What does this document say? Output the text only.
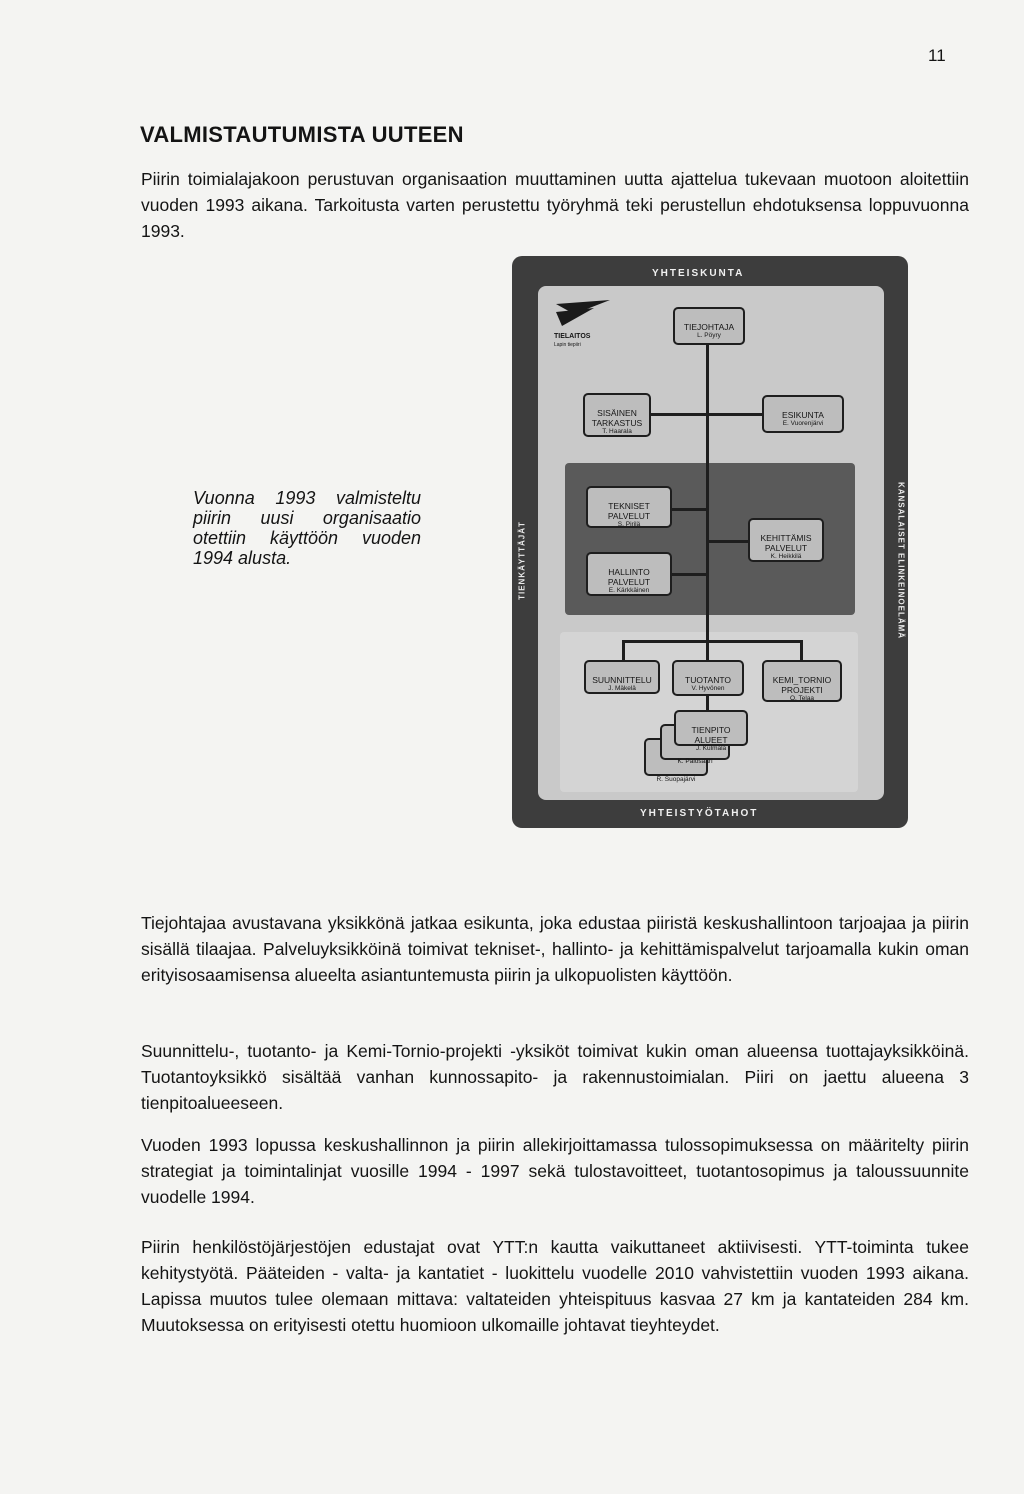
11
VALMISTAUTUMISTA UUTEEN

Piirin toimialajakoon perustuvan organisaation muuttaminen uutta ajattelua tukevaan muotoon aloitettiin vuoden 1993 aikana. Tarkoitusta varten perustettu työryhmä teki perustellun ehdotuksensa loppuvuonna 1993.

Vuonna 1993 valmisteltu piirin uusi organisaatio otettiin käyttöön vuoden 1994 alusta.

YHTEISKUNTA
YHTEISTYÖTAHOT
TIENKÄYTTÄJÄT	KANSALAISET ELINKEINOELÄMÄ
TIELAITOS
Lapin tiepiiri

TIEJOHTAJA

L. Pöyry

SISÄINEN
TARKASTUS

T. Haarala

ESIKUNTA

E. Vuorenjärvi

TEKNISET
PALVELUT

S. Pirilä

HALLINTO
PALVELUT

E. Kärkkäinen

KEHITTÄMIS
PALVELUT

K. Heikkilä

SUUNNITTELU

J. Mäkelä

TUOTANTO

V. Hyvönen

KEMI_TORNIO
PROJEKTI

O. Telaa

R. Suopajärvi

K. Palosaari

TIENPITO
ALUEET

J. Kulmala

Tiejohtajaa avustavana yksikkönä jatkaa esikunta, joka edustaa piiristä keskushallintoon tarjoajaa ja piirin sisällä tilaajaa. Palveluyksikköinä toimivat tekniset-, hallinto- ja kehittämispalvelut tarjoamalla kukin oman erityisosaamisensa alueelta asiantuntemusta piirin ja ulkopuolisten käyttöön.

Suunnittelu-, tuotanto- ja Kemi-Tornio-projekti -yksiköt toimivat kukin oman alueensa tuottajayksikköinä. Tuotantoyksikkö sisältää vanhan kunnossapito- ja rakennustoimialan. Piiri on jaettu alueena 3 tienpitoalueeseen.

Vuoden 1993 lopussa keskushallinnon ja piirin allekirjoittamassa tulossopimuksessa on määritelty piirin strategiat ja toimintalinjat vuosille 1994 - 1997 sekä tulostavoitteet, tuotantosopimus ja taloussuunnite vuodelle 1994.

Piirin henkilöstöjärjestöjen edustajat ovat YTT:n kautta vaikuttaneet aktiivisesti. YTT-toiminta tukee kehitystyötä. Pääteiden - valta- ja kantatiet - luokittelu vuodelle 2010 vahvistettiin vuoden 1993 aikana. Lapissa muutos tulee olemaan mittava: valtateiden yhteispituus kasvaa 27 km ja kantateiden 284 km. Muutoksessa on erityisesti otettu huomioon ulkomaille johtavat tieyhteydet.
